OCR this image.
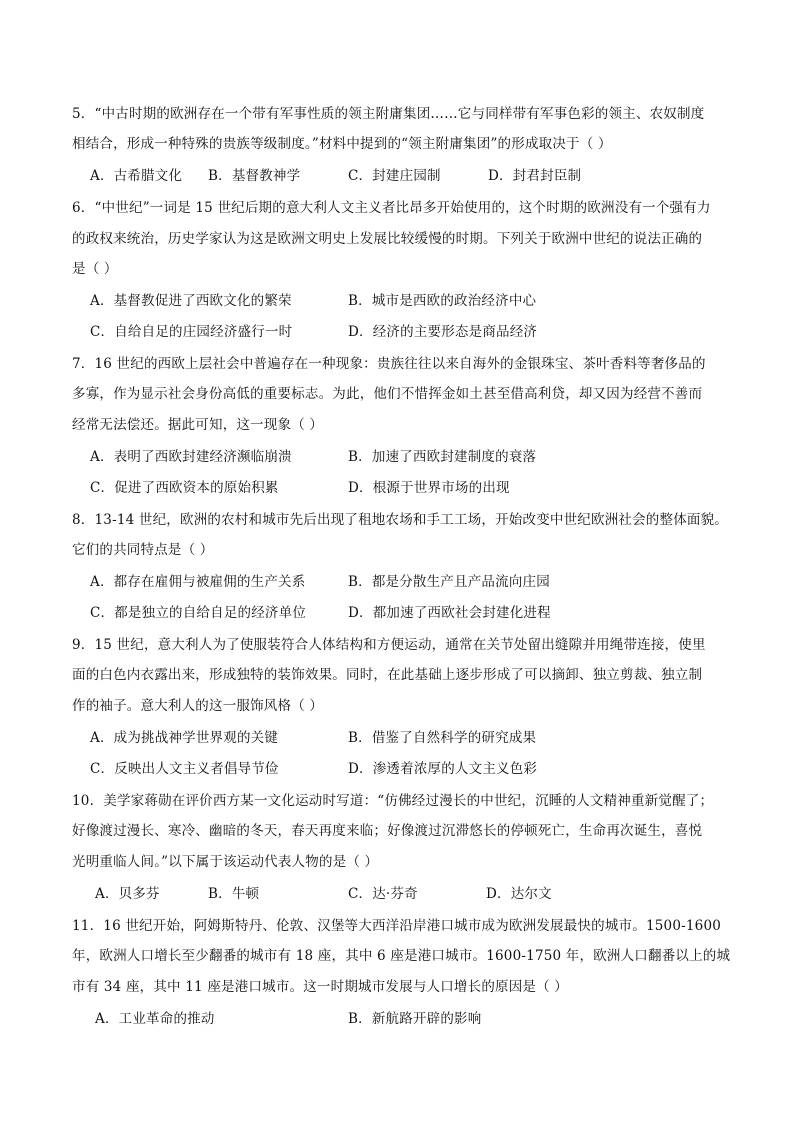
5．“中古时期的欧洲存在一个带有军事性质的领主附庸集团……它与同样带有军事色彩的领主、农奴制度
相结合，形成一种特殊的贵族等级制度。”材料中提到的“领主附庸集团”的形成取决于（ ）
A．古希腊文化 B．基督教神学	C．封建庄园制	D．封君封臣制
6．“中世纪”一词是 15 世纪后期的意大利人文主义者比昂多开始使用的，这个时期的欧洲没有一个强有力
的政权来统治，历史学家认为这是欧洲文明史上发展比较缓慢的时期。下列关于欧洲中世纪的说法正确的
是（ ）
A．基督教促进了西欧文化的繁荣	B．城市是西欧的政治经济中心
C．自给自足的庄园经济盛行一时	D．经济的主要形态是商品经济
7．16 世纪的西欧上层社会中普遍存在一种现象：贵族往往以来自海外的金银珠宝、茶叶香料等奢侈品的
多寡，作为显示社会身份高低的重要标志。为此，他们不惜挥金如土甚至借高利贷，却又因为经营不善而
经常无法偿还。据此可知，这一现象（ ）
A．表明了西欧封建经济濒临崩溃	B．加速了西欧封建制度的衰落
C．促进了西欧资本的原始积累	D．根源于世界市场的出现
8．13-14 世纪，欧洲的农村和城市先后出现了租地农场和手工工场，开始改变中世纪欧洲社会的整体面貌。
它们的共同特点是（ ）
A．都存在雇佣与被雇佣的生产关系	B．都是分散生产且产品流向庄园
C．都是独立的自给自足的经济单位	D．都加速了西欧社会封建化进程
9．15 世纪，意大利人为了使服装符合人体结构和方便运动，通常在关节处留出缝隙并用绳带连接，使里
面的白色内衣露出来，形成独特的装饰效果。同时，在此基础上逐步形成了可以摘卸、独立剪裁、独立制
作的袖子。意大利人的这一服饰风格（ ）
A．成为挑战神学世界观的关键	B．借鉴了自然科学的研究成果
C．反映出人文主义者倡导节俭	D．渗透着浓厚的人文主义色彩
10．美学家蒋勋在评价西方某一文化运动时写道：“仿佛经过漫长的中世纪，沉睡的人文精神重新觉醒了；
好像渡过漫长、寒冷、幽暗的冬天，春天再度来临；好像渡过沉滞悠长的停顿死亡，生命再次诞生，喜悦
光明重临人间。”以下属于该运动代表人物的是（ ）
A．贝多芬	B．牛顿	C．达·芬奇	D．达尔文
11．16 世纪开始，阿姆斯特丹、伦敦、汉堡等大西洋沿岸港口城市成为欧洲发展最快的城市。1500-1600
年，欧洲人口增长至少翻番的城市有 18 座，其中 6 座是港口城市。1600-1750 年，欧洲人口翻番以上的城
市有 34 座，其中 11 座是港口城市。这一时期城市发展与人口增长的原因是（ ）
A．工业革命的推动	B．新航路开辟的影响
